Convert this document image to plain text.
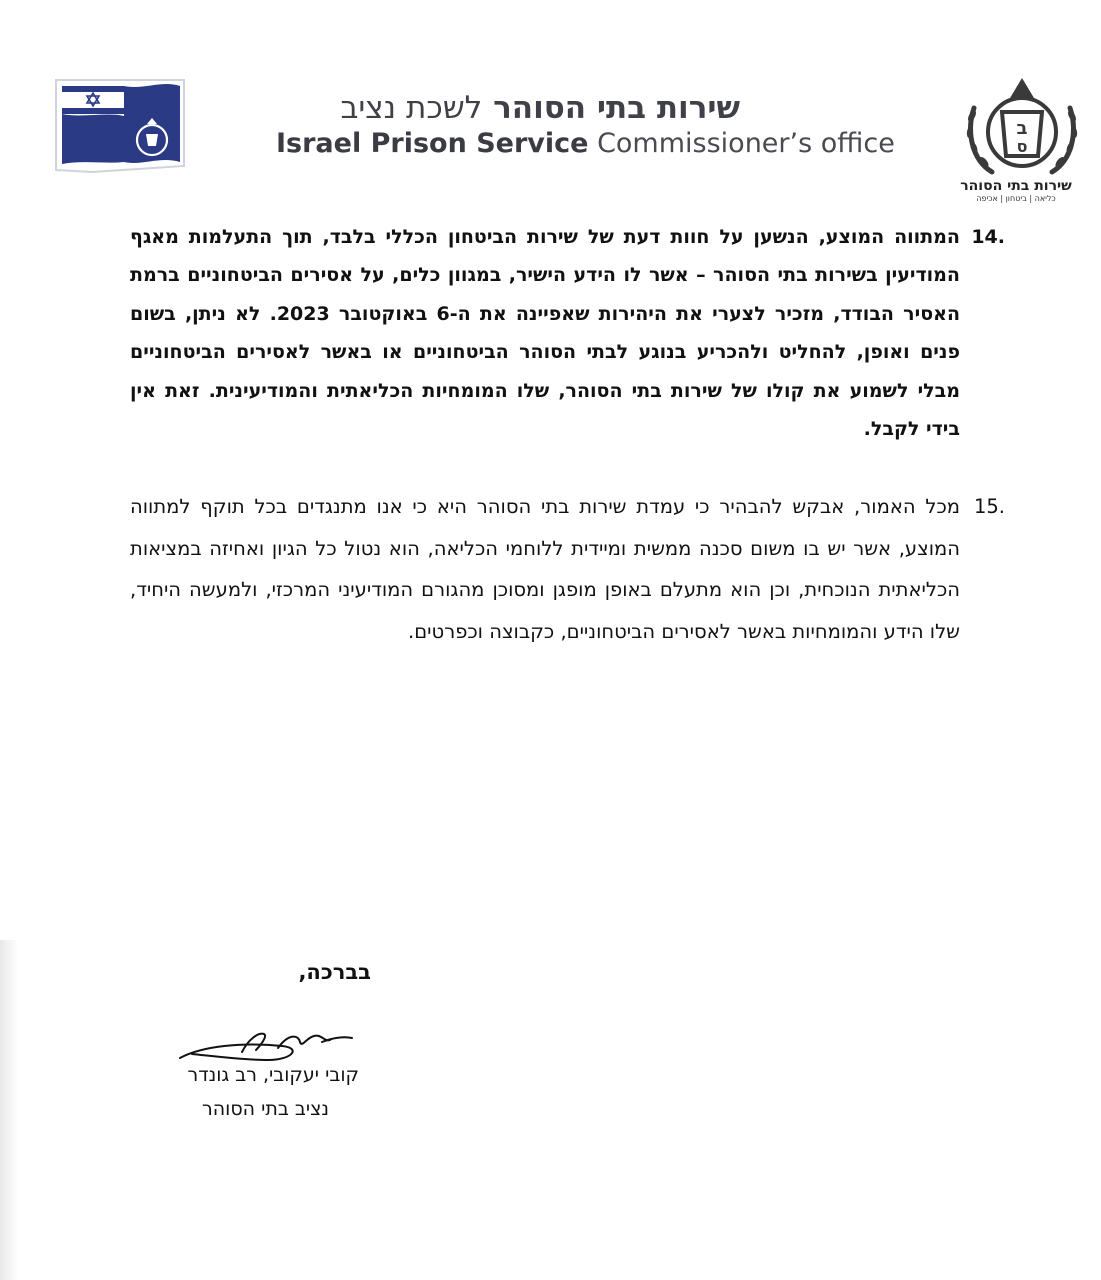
שירות בתי הסוהר לשכת נציב
Israel Prison Service Commissioner’s office	ב
ס
שירות בתי הסוהר
כליאה | ביטחון | אכיפה
14.
המתווה המוצע, הנשען על חוות דעת של שירות הביטחון הכללי בלבד, תוך התעלמות מאגף המודיעין בשירות בתי הסוהר – אשר לו הידע הישיר, במגוון כלים, על אסירים הביטחוניים ברמת האסיר הבודד, מזכיר לצערי את היהירות שאפיינה את ה-6 באוקטובר 2023. לא ניתן, בשום פנים ואופן, להחליט ולהכריע בנוגע לבתי הסוהר הביטחוניים או באשר לאסירים הביטחוניים מבלי לשמוע את קולו של שירות בתי הסוהר, שלו המומחיות הכליאתית והמודיעינית. זאת אין בידי לקבל.
15.
מכל האמור, אבקש להבהיר כי עמדת שירות בתי הסוהר היא כי אנו מתנגדים בכל תוקף למתווה המוצע, אשר יש בו משום סכנה ממשית ומיידית ללוחמי הכליאה, הוא נטול כל הגיון ואחיזה במציאות הכליאתית הנוכחית, וכן הוא מתעלם באופן מופגן ומסוכן מהגורם המודיעיני המרכזי, ולמעשה היחיד, שלו הידע והמומחיות באשר לאסירים הביטחוניים, כקבוצה וכפרטים.
בברכה,
קובי יעקובי, רב גונדר
נציב בתי הסוהר
